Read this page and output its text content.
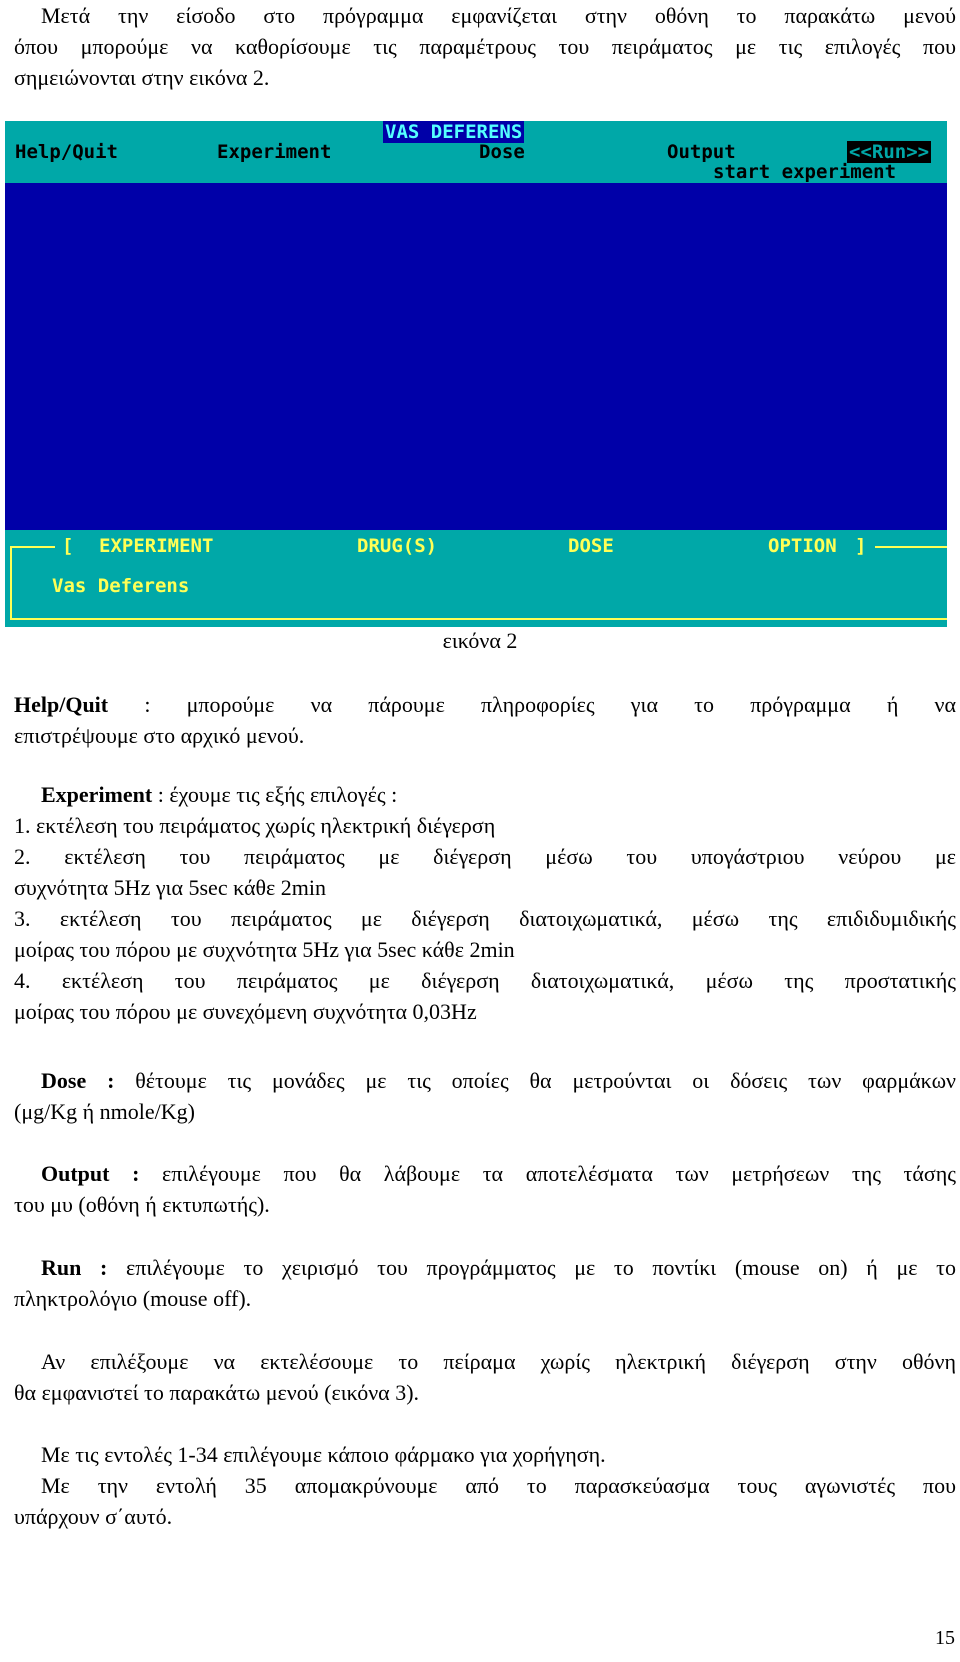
Μετά την είσοδο στο πρόγραμμα εμφανίζεται στην οθόνη το παρακάτω μενού
όπου μπορούμε να καθορίσουμε τις παραμέτρους του πειράματος με τις επιλογές που
σημειώνονται στην εικόνα 2.
VAS DEFERENS
Help/Quit	Experiment	Dose	Output	<<Run>>
start experiment
[ EXPERIMENT	DRUG(S)	DOSE	OPTION ]
Vas Deferens
εικόνα 2
Help/Quit : μπορούμε να πάρουμε πληροφορίες για το πρόγραμμα ή να
επιστρέψουμε στο αρχικό μενού.
Experiment : έχουμε τις εξής επιλογές :
1. εκτέλεση του πειράματος χωρίς ηλεκτρική διέγερση
2. εκτέλεση του πειράματος με διέγερση μέσω του υπογάστριου νεύρου με
συχνότητα 5Hz για 5sec κάθε 2min
3. εκτέλεση του πειράματος με διέγερση διατοιχωματικά, μέσω της επιδιδυμιδικής
μοίρας του πόρου με συχνότητα 5Hz για 5sec κάθε 2min
4. εκτέλεση του πειράματος με διέγερση διατοιχωματικά, μέσω της προστατικής
μοίρας του πόρου με συνεχόμενη συχνότητα 0,03Hz
Dose : θέτουμε τις μονάδες με τις οποίες θα μετρούνται οι δόσεις των φαρμάκων
(μg/Kg ή nmole/Kg)
Output : επιλέγουμε που θα λάβουμε τα αποτελέσματα των μετρήσεων της τάσης
του μυ (οθόνη ή εκτυπωτής).
Run : επιλέγουμε το χειρισμό του προγράμματος με το ποντίκι (mouse on) ή με το
πληκτρολόγιο (mouse off).
Αν επιλέξουμε να εκτελέσουμε το πείραμα χωρίς ηλεκτρική διέγερση στην οθόνη
θα εμφανιστεί το παρακάτω μενού (εικόνα 3).
Με τις εντολές 1-34 επιλέγουμε κάποιο φάρμακο για χορήγηση.
Με την εντολή 35 απομακρύνουμε από το παρασκεύασμα τους αγωνιστές που
υπάρχουν σ΄αυτό.
15
